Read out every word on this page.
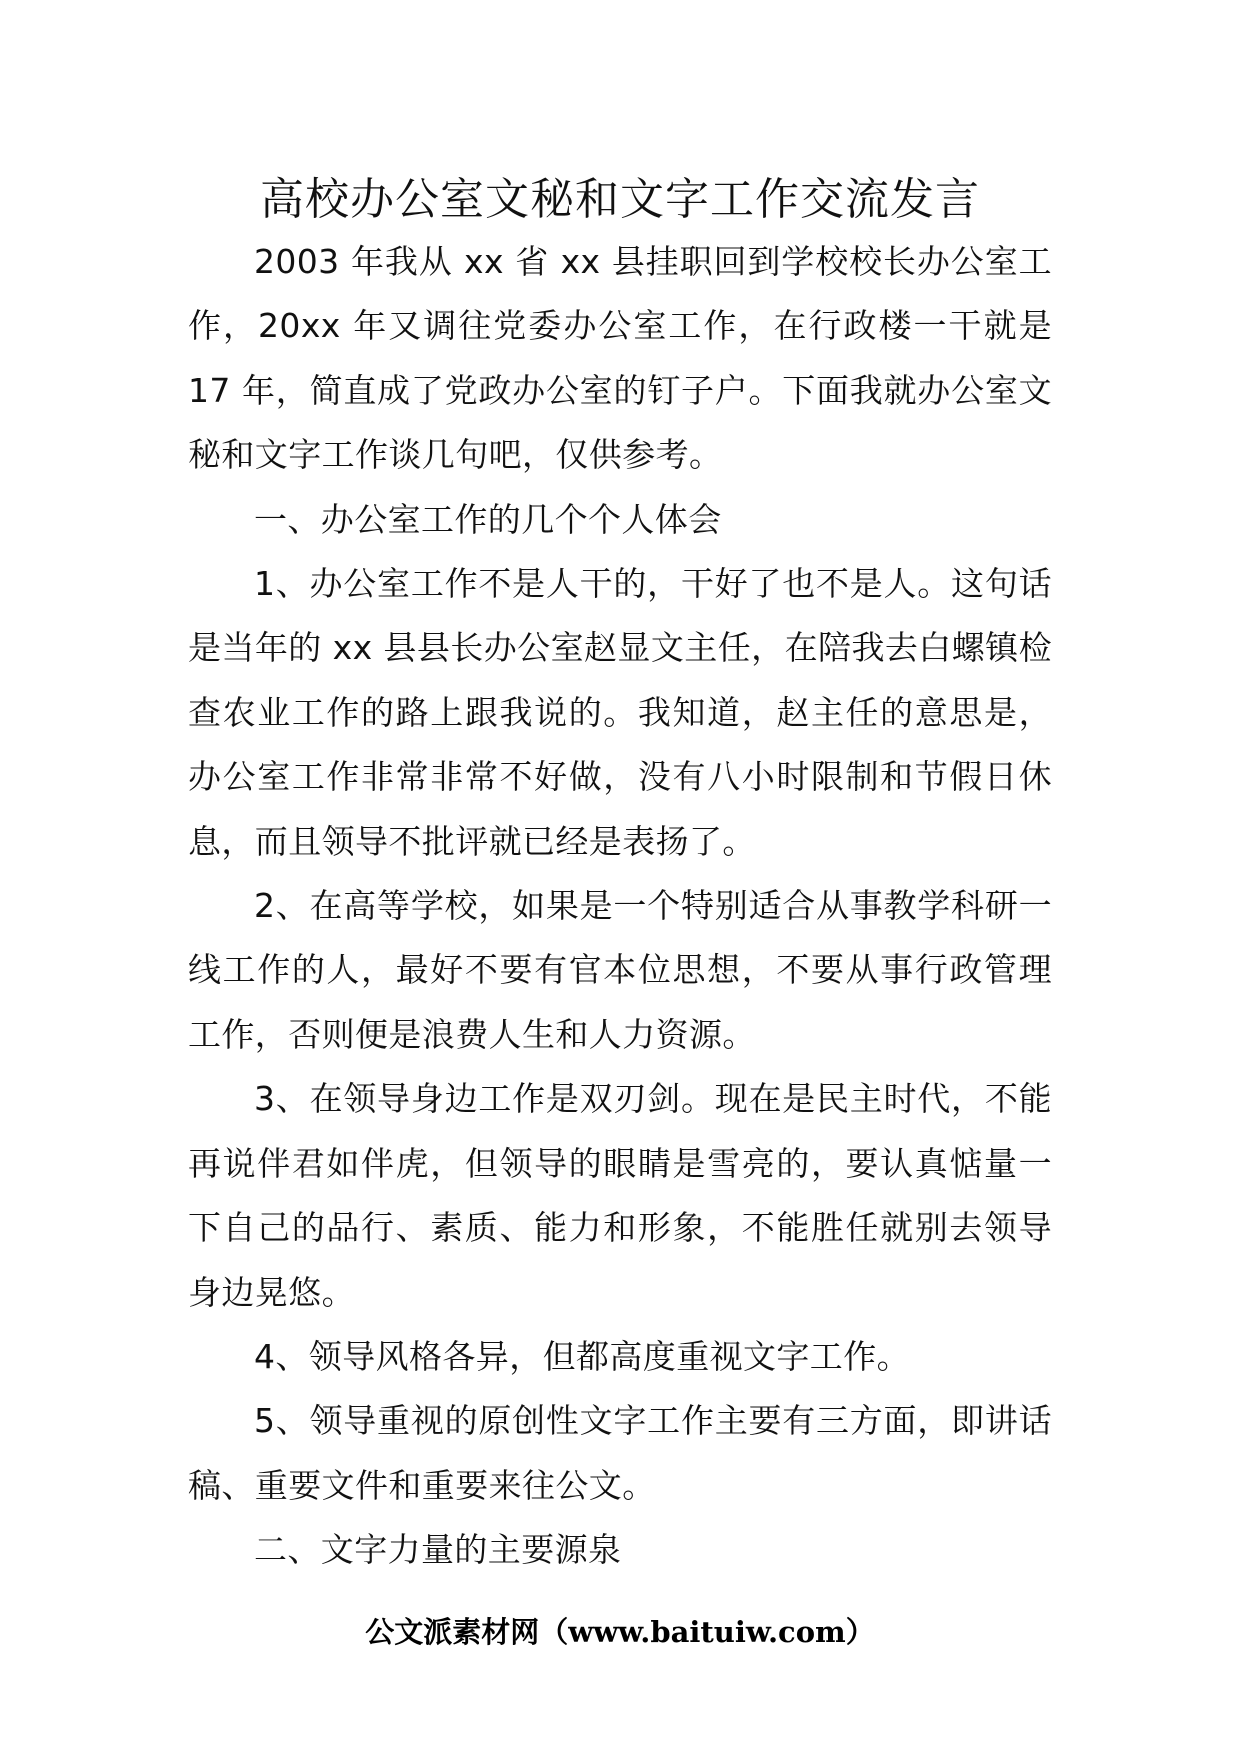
高校办公室文秘和文字工作交流发言

2003 年我从 xx 省 xx 县挂职回到学校校长办公室工作，20xx 年又调往党委办公室工作，在行政楼一干就是 17 年，简直成了党政办公室的钉子户。下面我就办公室文秘和文字工作谈几句吧，仅供参考。

一、办公室工作的几个个人体会

1、办公室工作不是人干的，干好了也不是人。这句话是当年的 xx 县县长办公室赵显文主任，在陪我去白螺镇检查农业工作的路上跟我说的。我知道，赵主任的意思是，办公室工作非常非常不好做，没有八小时限制和节假日休息，而且领导不批评就已经是表扬了。

2、在高等学校，如果是一个特别适合从事教学科研一线工作的人，最好不要有官本位思想，不要从事行政管理工作，否则便是浪费人生和人力资源。

3、在领导身边工作是双刃剑。现在是民主时代，不能再说伴君如伴虎，但领导的眼睛是雪亮的，要认真惦量一下自己的品行、素质、能力和形象，不能胜任就别去领导身边晃悠。

4、领导风格各异，但都高度重视文字工作。

5、领导重视的原创性文字工作主要有三方面，即讲话稿、重要文件和重要来往公文。

二、文字力量的主要源泉

公文派素材网（www.baituiw.com）
